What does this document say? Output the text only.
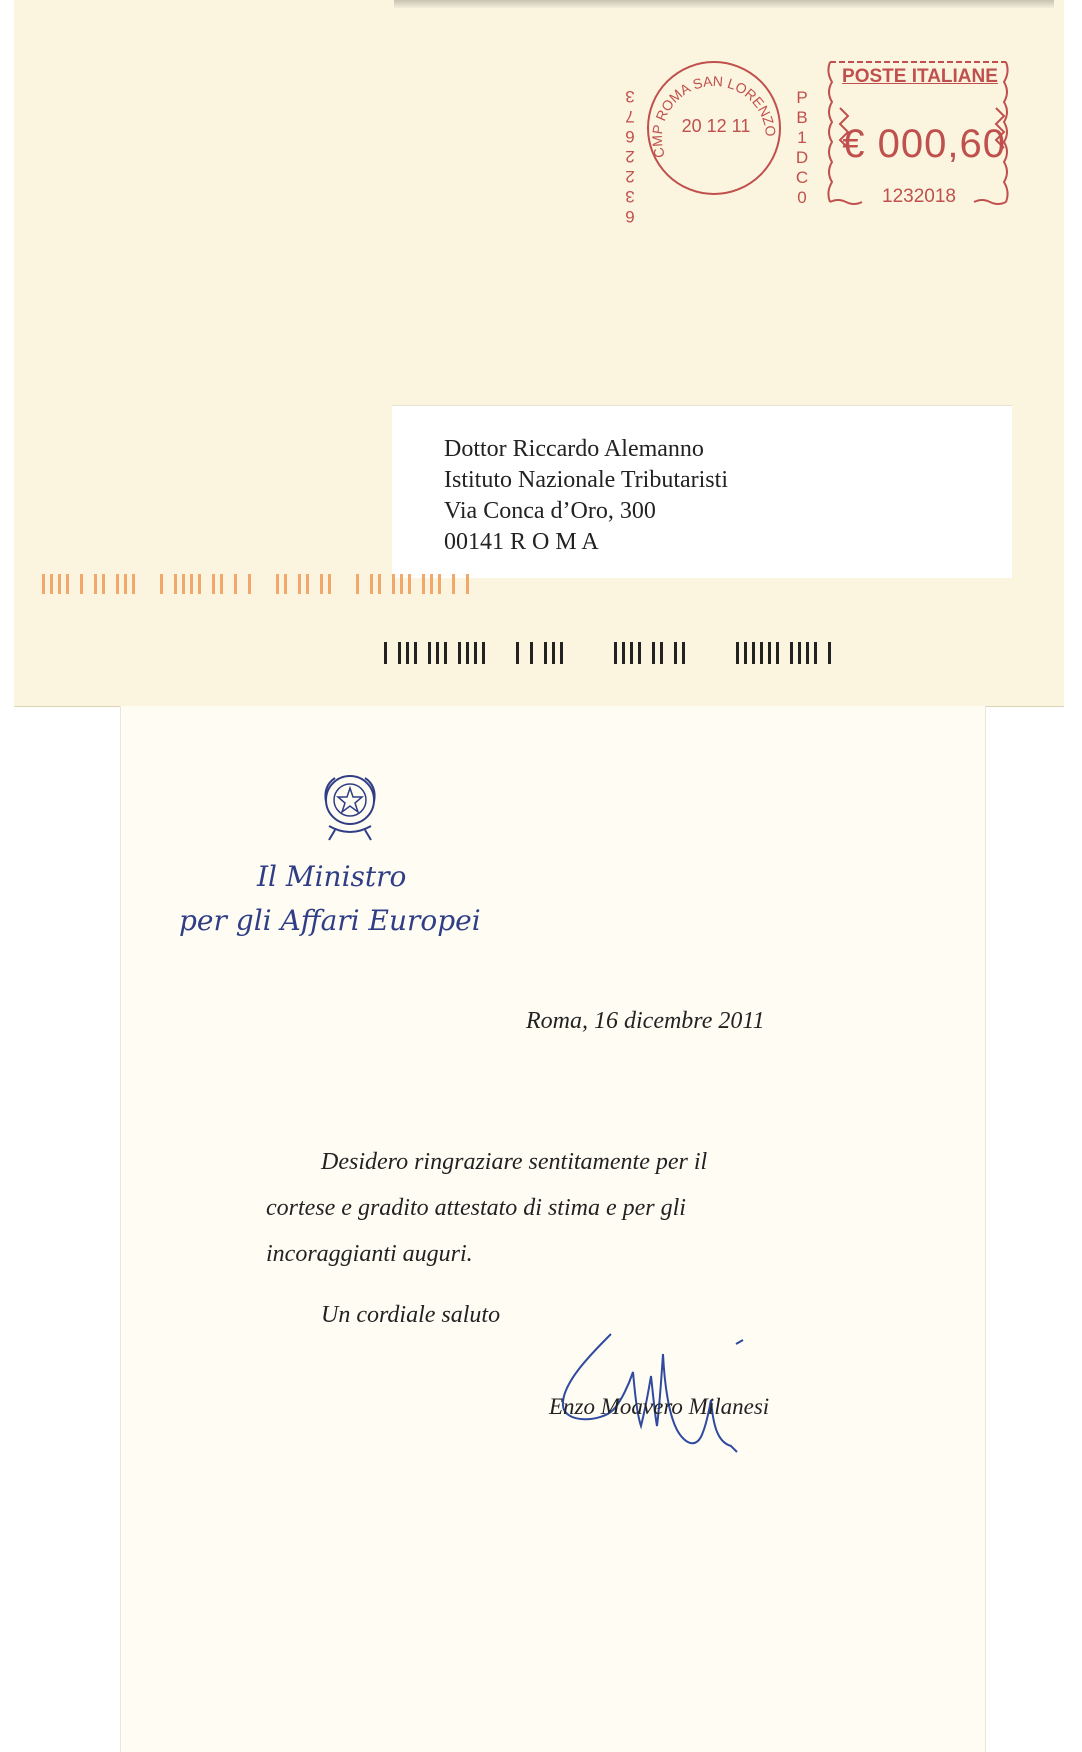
6
3
2
2
6
7
3
CMP ROMA SAN LORENZO
20 12 11
P
B
1
D
C
0
POSTE ITALIANE
€ 000,60
1232018
Dottor Riccardo Alemanno
Istituto Nazionale Tributaristi
Via Conca d’Oro, 300
00141 R O M A
Il Ministro
per gli Affari Europei
Roma, 16 dicembre 2011
Desidero ringraziare sentitamente per il
cortese e gradito attestato di stima e per gli
incoraggianti auguri.
Un cordiale saluto
Enzo Moavero Milanesi
